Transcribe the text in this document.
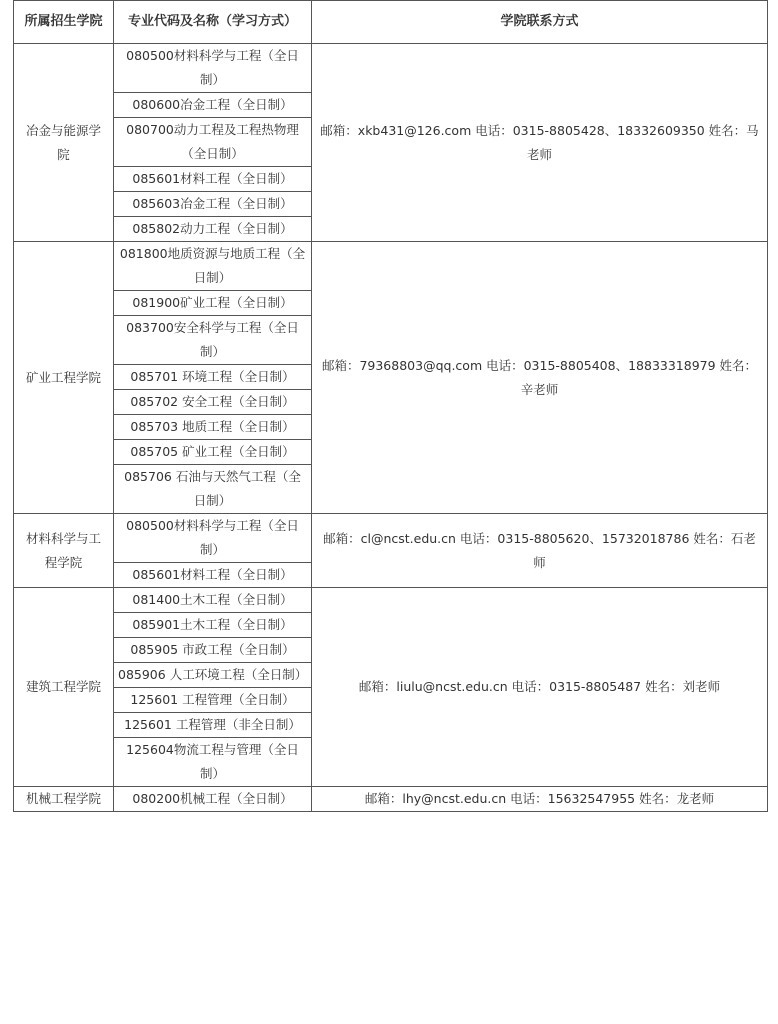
所属招生学院	专业代码及名称（学习方式）	学院联系方式
冶金与能源学院	080500材料科学与工程（全日制）	邮箱：xkb431@126.com 电话：0315-8805428、18332609350 姓名：马老师
	080600冶金工程（全日制）	
	080700动力工程及工程热物理（全日制）	
	085601材料工程（全日制）	
	085603冶金工程（全日制）	
	085802动力工程（全日制）	
矿业工程学院	081800地质资源与地质工程（全日制）	邮箱：79368803@qq.com 电话：0315-8805408、18833318979 姓名：辛老师
	081900矿业工程（全日制）	
	083700安全科学与工程（全日制）	
	085701 环境工程（全日制）	
	085702 安全工程（全日制）	
	085703 地质工程（全日制）	
	085705 矿业工程（全日制）	
	085706 石油与天然气工程（全日制）	
材料科学与工程学院	080500材料科学与工程（全日制）	邮箱：cl@ncst.edu.cn 电话：0315-8805620、15732018786 姓名：石老师
	085601材料工程（全日制）	
建筑工程学院	081400土木工程（全日制）	邮箱：liulu@ncst.edu.cn 电话：0315-8805487 姓名：刘老师
	085901土木工程（全日制）	
	085905 市政工程（全日制）	
	085906 人工环境工程（全日制）	
	125601 工程管理（全日制）	
	125601 工程管理（非全日制）	
	125604物流工程与管理（全日制）	
机械工程学院	080200机械工程（全日制）	邮箱：lhy@ncst.edu.cn 电话：15632547955 姓名：龙老师
